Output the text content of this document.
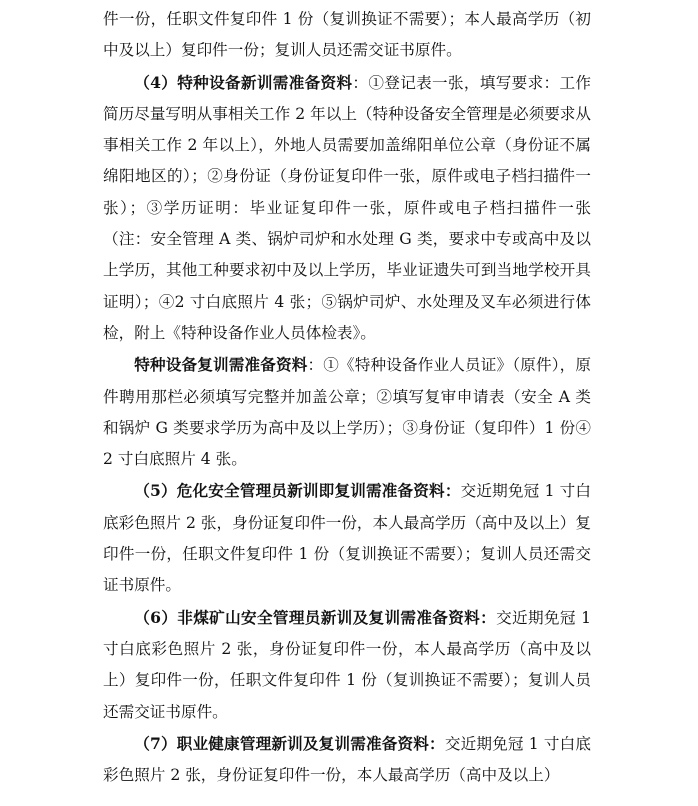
件一份，任职文件复印件 1 份（复训换证不需要）；本人最高学历（初中及以上）复印件一份；复训人员还需交证书原件。

（4）特种设备新训需准备资料：①登记表一张，填写要求：工作简历尽量写明从事相关工作 2 年以上（特种设备安全管理是必须要求从事相关工作 2 年以上），外地人员需要加盖绵阳单位公章（身份证不属绵阳地区的）；②身份证（身份证复印件一张，原件或电子档扫描件一张）；③学历证明：毕业证复印件一张，原件或电子档扫描件一张（注：安全管理 A 类、锅炉司炉和水处理 G 类，要求中专或高中及以上学历，其他工种要求初中及以上学历，毕业证遗失可到当地学校开具证明）；④2 寸白底照片 4 张；⑤锅炉司炉、水处理及叉车必须进行体检，附上《特种设备作业人员体检表》。

特种设备复训需准备资料：①《特种设备作业人员证》（原件），原件聘用那栏必须填写完整并加盖公章；②填写复审申请表（安全 A 类和锅炉 G 类要求学历为高中及以上学历）；③身份证（复印件）1 份④2 寸白底照片 4 张。

（5）危化安全管理员新训即复训需准备资料：交近期免冠 1 寸白底彩色照片 2 张，身份证复印件一份，本人最高学历（高中及以上）复印件一份，任职文件复印件 1 份（复训换证不需要）；复训人员还需交证书原件。

（6）非煤矿山安全管理员新训及复训需准备资料：交近期免冠 1 寸白底彩色照片 2 张，身份证复印件一份，本人最高学历（高中及以上）复印件一份，任职文件复印件 1 份（复训换证不需要）；复训人员还需交证书原件。

（7）职业健康管理新训及复训需准备资料：交近期免冠 1 寸白底彩色照片 2 张，身份证复印件一份，本人最高学历（高中及以上）
